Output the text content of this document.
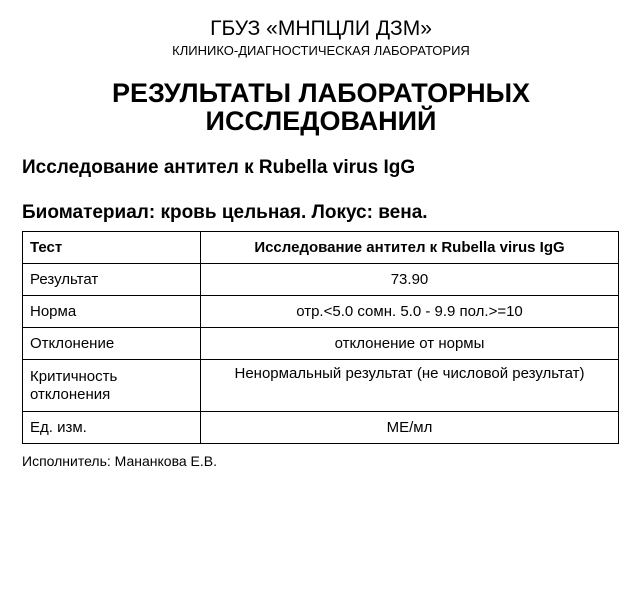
ГБУЗ «МНПЦЛИ ДЗМ»
КЛИНИКО-ДИАГНОСТИЧЕСКАЯ ЛАБОРАТОРИЯ
РЕЗУЛЬТАТЫ ЛАБОРАТОРНЫХ ИССЛЕДОВАНИЙ
Исследование антител к Rubella virus IgG
Биоматериал: кровь цельная. Локус: вена.
Тест	Исследование антител к Rubella virus IgG
Результат	73.90
Норма	отр.<5.0 сомн. 5.0 - 9.9 пол.>=10
Отклонение	отклонение от нормы
Критичность отклонения	Ненормальный результат (не числовой результат)
Ед. изм.	МЕ/мл
Исполнитель: Мананкова Е.В.
